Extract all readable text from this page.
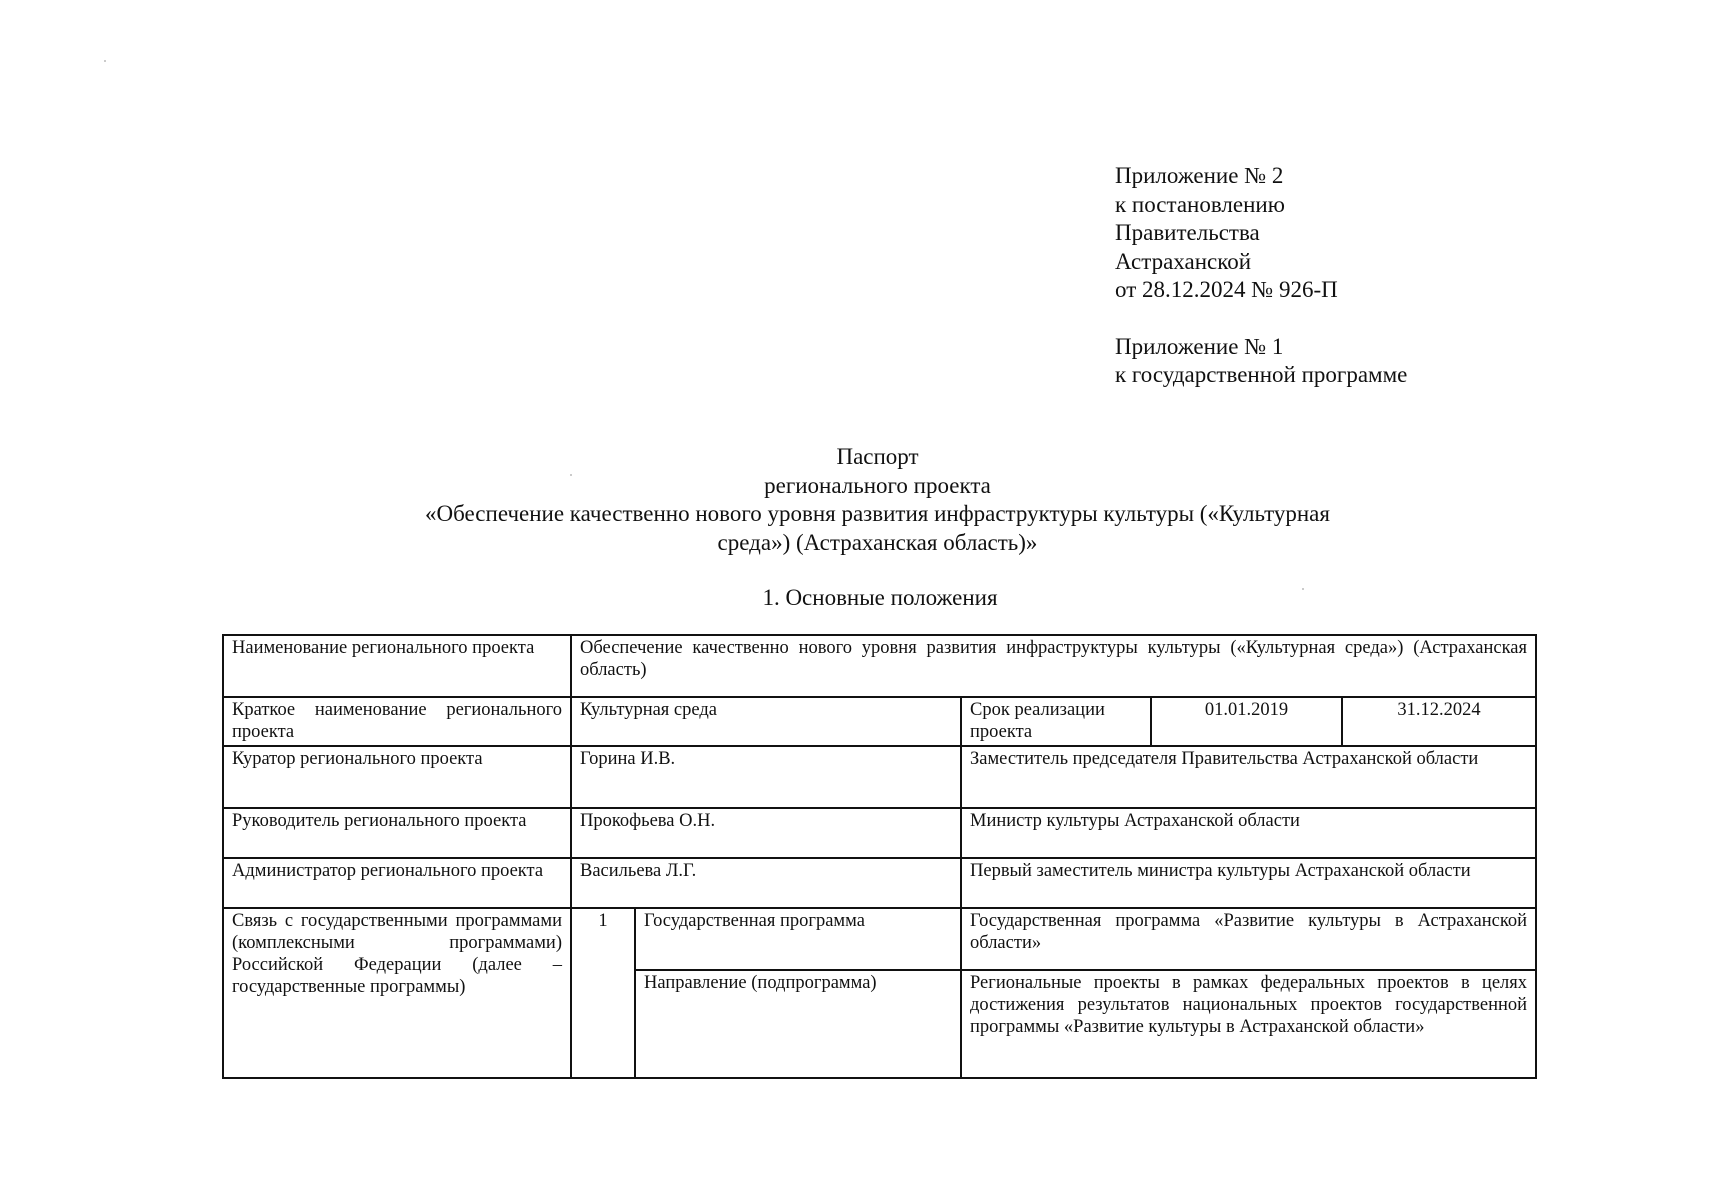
Приложение № 2
к постановлению
Правительства
Астраханской
от 28.12.2024 № 926-П
Приложение № 1
к государственной программе
Паспорт
регионального проекта
«Обеспечение качественно нового уровня развития инфраструктуры культуры («Культурная
среда») (Астраханская область)»
1. Основные положения
Наименование регионального проекта	Обеспечение качественно нового уровня развития инфраструктуры культуры («Культурная среда») (Астраханская область)				
Краткое наименование регионального проекта	Культурная среда		Срок реализации проекта	01.01.2019	31.12.2024
Куратор регионального проекта	Горина И.В.		Заместитель председателя Правительства Астраханской области		
Руководитель регионального проекта	Прокофьева О.Н.		Министр культуры Астраханской области		
Администратор регионального проекта	Васильева Л.Г.		Первый заместитель министра культуры Астраханской области		
Связь с государственными программами (комплексными программами) Российской Федерации (далее – государственные программы)	1	Государственная программа	Государственная программа «Развитие культуры в Астраханской области»		
		Направление (подпрограмма)	Региональные проекты в рамках федеральных проектов в целях достижения результатов национальных проектов государственной программы «Развитие культуры в Астраханской области»		
